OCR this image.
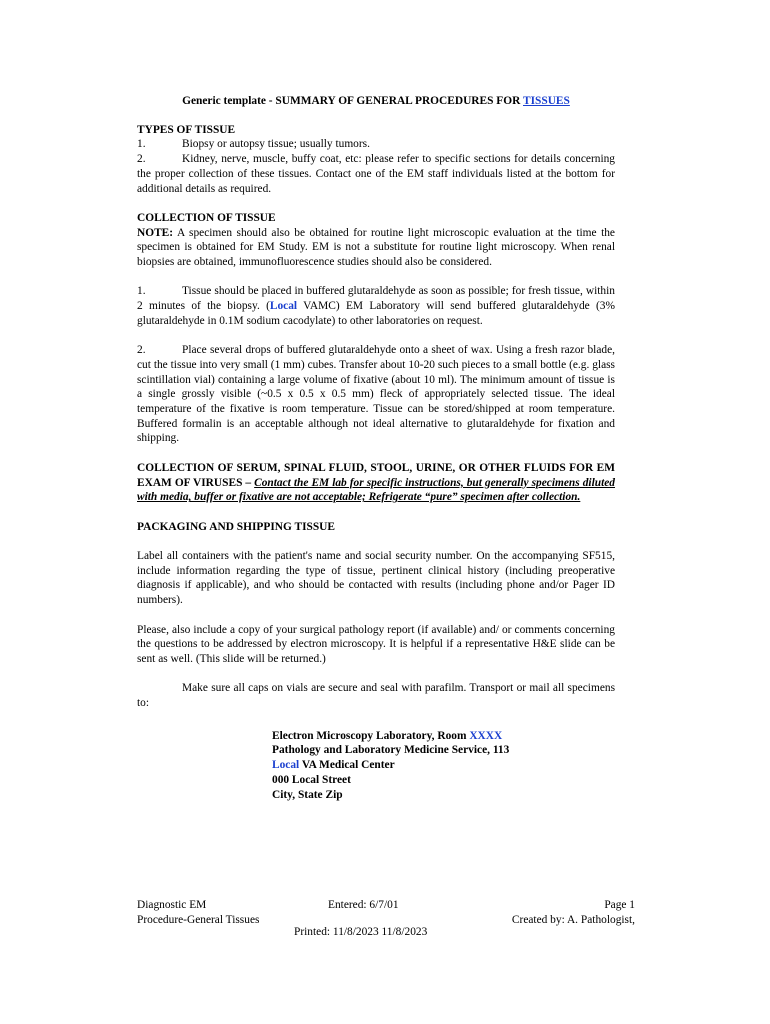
Generic template - SUMMARY OF GENERAL PROCEDURES FOR TISSUES
TYPES OF TISSUE
1.	Biopsy or autopsy tissue; usually tumors.
2.	Kidney, nerve, muscle, buffy coat, etc: please refer to specific sections for details concerning the proper collection of these tissues. Contact one of the EM staff individuals listed at the bottom for additional details as required.
COLLECTION OF TISSUE

NOTE: A specimen should also be obtained for routine light microscopic evaluation at the time the specimen is obtained for EM Study. EM is not a substitute for routine light microscopy. When renal biopsies are obtained, immunofluorescence studies should also be considered.

1.	Tissue should be placed in buffered glutaraldehyde as soon as possible; for fresh tissue, within 2 minutes of the biopsy. (Local VAMC) EM Laboratory will send buffered glutaraldehyde (3% glutaraldehyde in 0.1M sodium cacodylate) to other laboratories on request.

2.	Place several drops of buffered glutaraldehyde onto a sheet of wax. Using a fresh razor blade, cut the tissue into very small (1 mm) cubes. Transfer about 10-20 such pieces to a small bottle (e.g. glass scintillation vial) containing a large volume of fixative (about 10 ml). The minimum amount of tissue is a single grossly visible (~0.5 x 0.5 x 0.5 mm) fleck of appropriately selected tissue. The ideal temperature of the fixative is room temperature. Tissue can be stored/shipped at room temperature. Buffered formalin is an acceptable although not ideal alternative to glutaraldehyde for fixation and shipping.

COLLECTION OF SERUM, SPINAL FLUID, STOOL, URINE, OR OTHER FLUIDS FOR EM EXAM OF VIRUSES – Contact the EM lab for specific instructions, but generally specimens diluted with media, buffer or fixative are not acceptable; Refrigerate “pure” specimen after collection.

PACKAGING AND SHIPPING TISSUE

Label all containers with the patient's name and social security number. On the accompanying SF515, include information regarding the type of tissue, pertinent clinical history (including preoperative diagnosis if applicable), and who should be contacted with results (including phone and/or Pager ID numbers).

Please, also include a copy of your surgical pathology report (if available) and/ or comments concerning the questions to be addressed by electron microscopy. It is helpful if a representative H&E slide can be sent as well. (This slide will be returned.)

Make sure all caps on vials are secure and seal with parafilm. Transport or mail all specimens to:

Electron Microscopy Laboratory, Room XXXX
Pathology and Laboratory Medicine Service, 113
Local VA Medical Center
000 Local Street
City, State Zip
Diagnostic EM
Procedure-General Tissues
Entered: 6/7/01	Page 1
Created by: A. Pathologist,
Printed: 11/8/2023 11/8/2023
